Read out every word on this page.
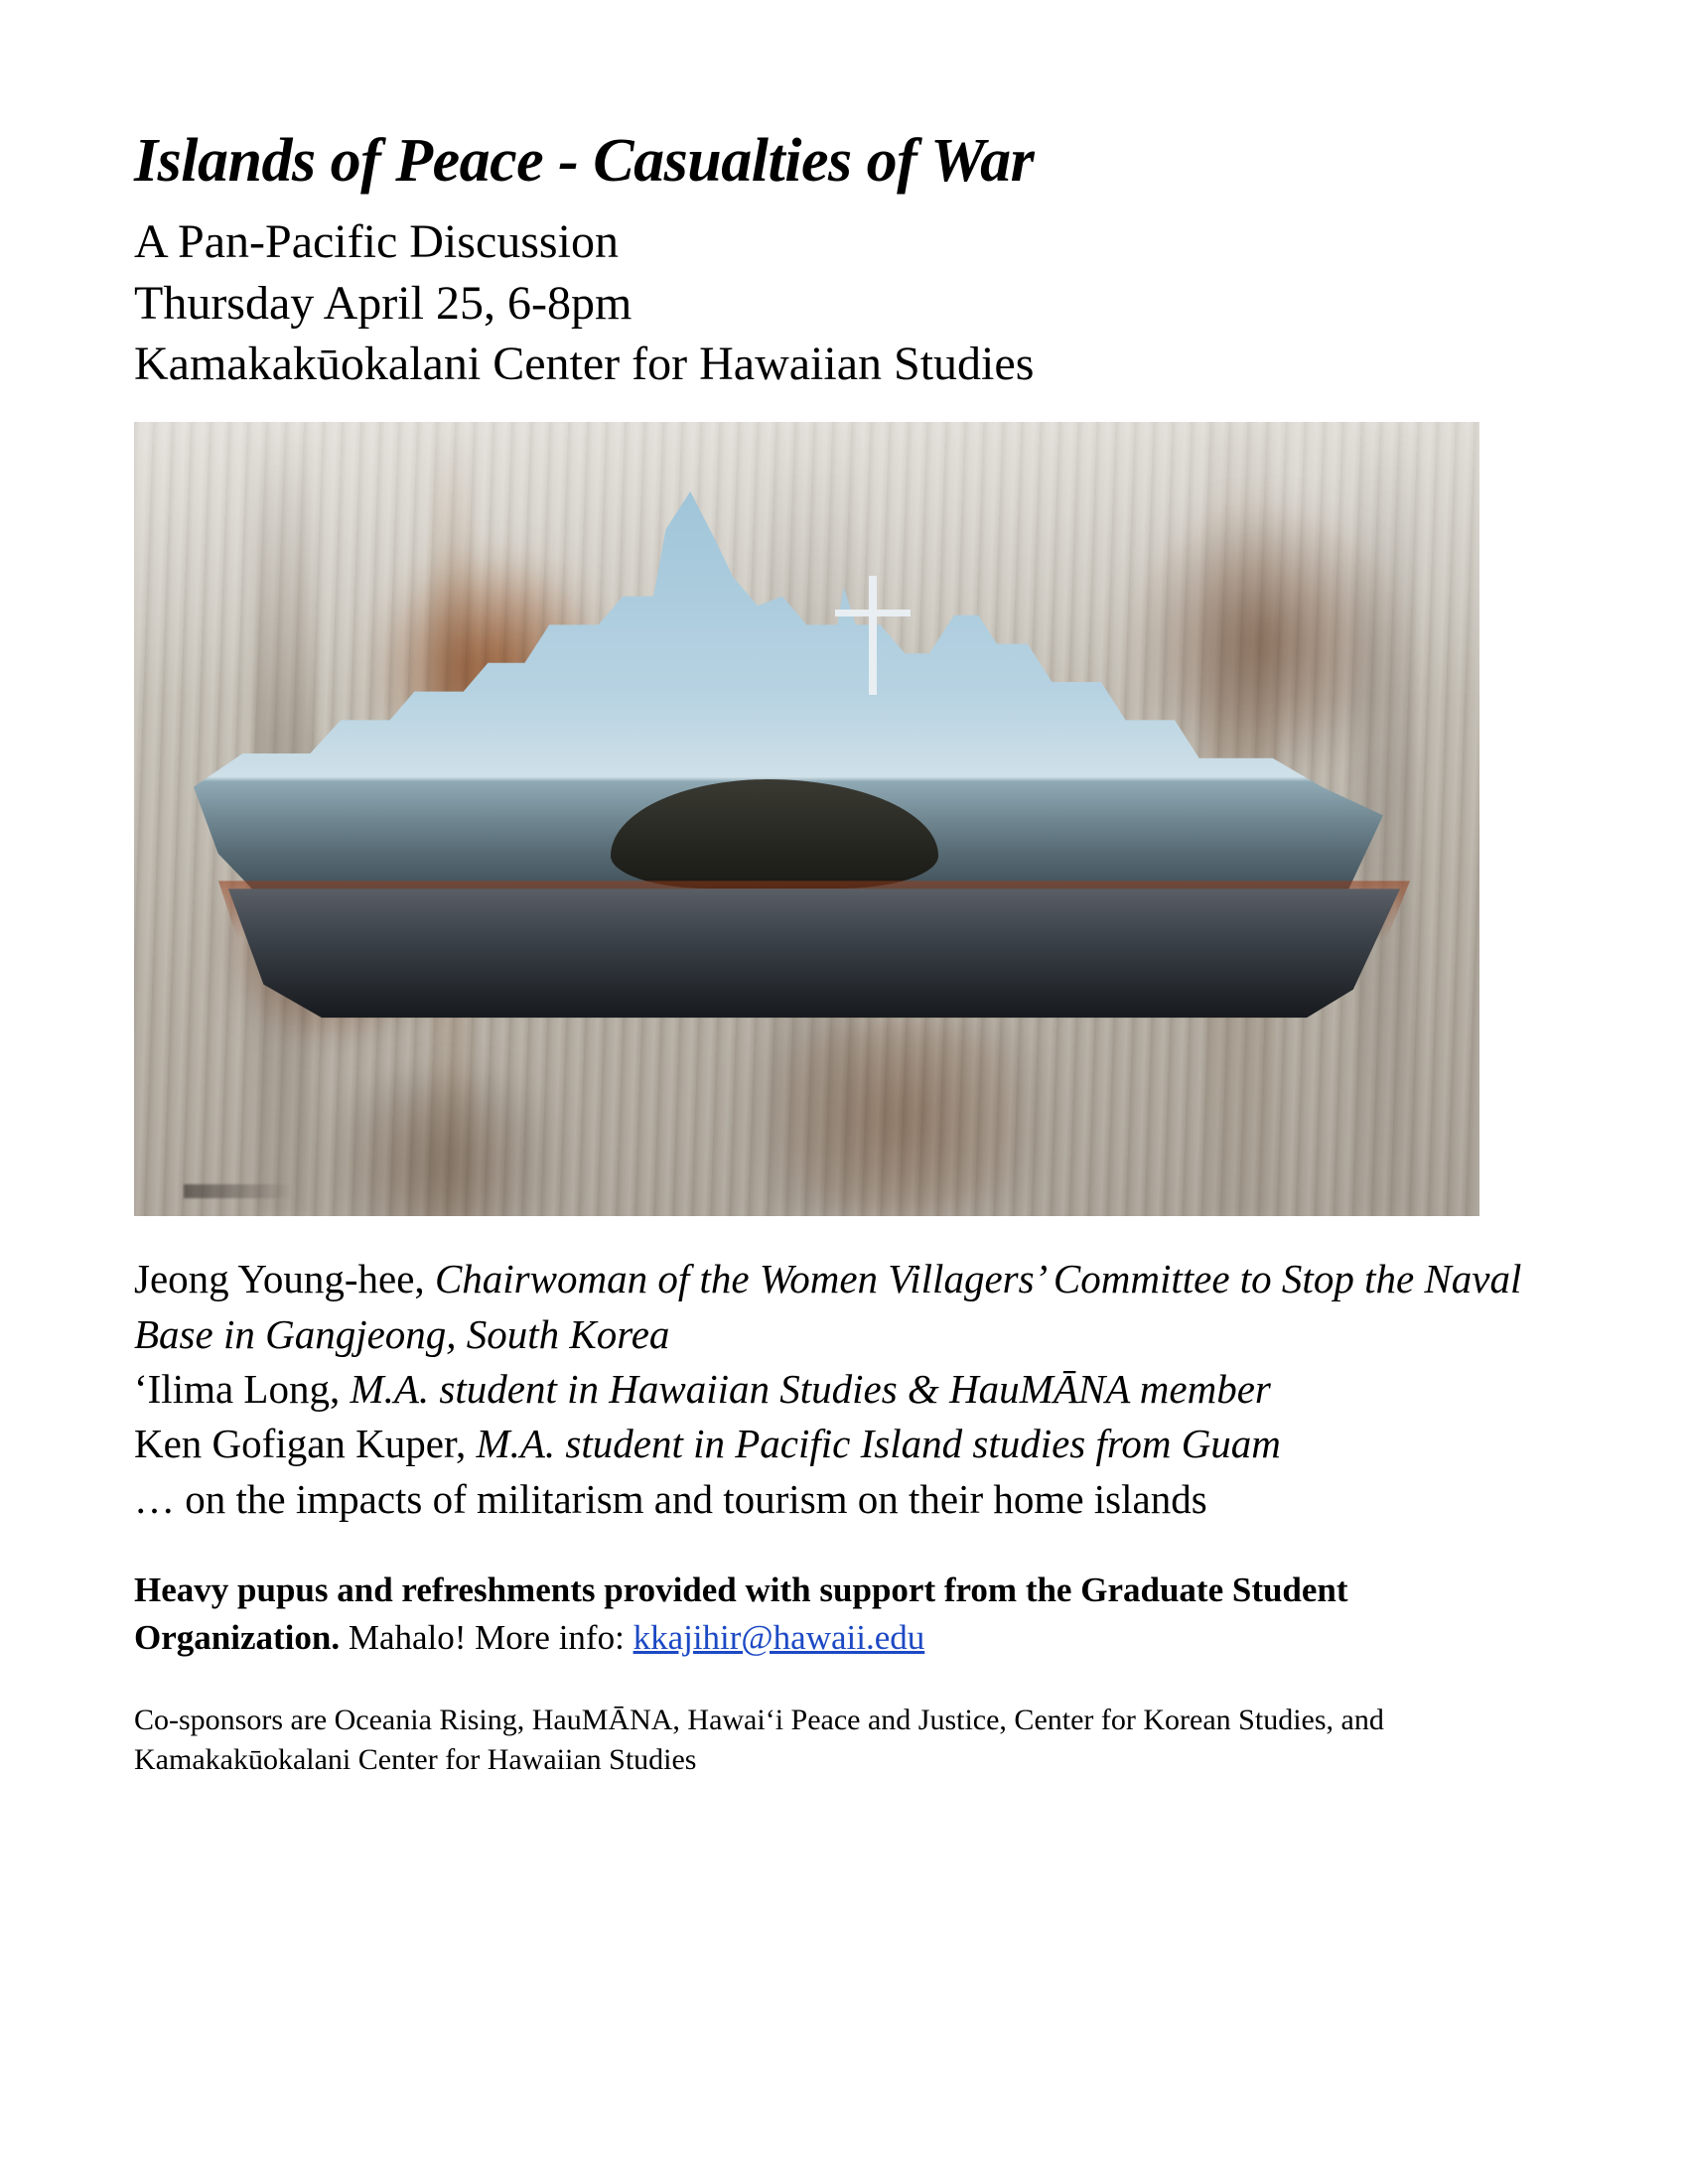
Islands of Peace - Casualties of War

A Pan-Pacific Discussion

Thursday April 25, 6-8pm

Kamakakūokalani Center for Hawaiian Studies

Jeong Young-hee, Chairwoman of the Women Villagers’ Committee to Stop the Naval Base in Gangjeong, South Korea

‘Ilima Long, M.A. student in Hawaiian Studies & HauMĀNA member

Ken Gofigan Kuper, M.A. student in Pacific Island studies from Guam

… on the impacts of militarism and tourism on their home islands

Heavy pupus and refreshments provided with support from the Graduate Student Organization. Mahalo! More info: kkajihir@hawaii.edu
Co-sponsors are Oceania Rising, HauMĀNA, Hawaiʻi Peace and Justice, Center for Korean Studies, and Kamakakūokalani Center for Hawaiian Studies
